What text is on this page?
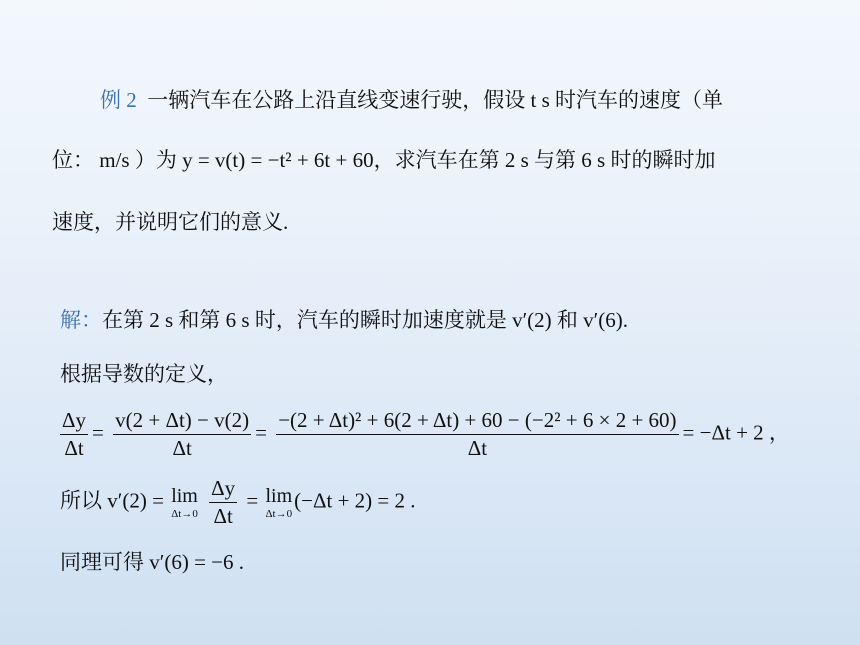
例 2 一辆汽车在公路上沿直线变速行驶，假设 t s 时汽车的速度（单
位： m/s ）为 y = v(t) = −t² + 6t + 60，求汽车在第 2 s 与第 6 s 时的瞬时加
速度，并说明它们的意义.
解：在第 2 s 和第 6 s 时，汽车的瞬时加速度就是 v′(2) 和 v′(6).
根据导数的定义，
$\frac{\Delta y}{\Delta t} = \frac{v(2 + \Delta t) - v(2)}{\Delta t} = \frac{\text{−(2 + Δt)² + 6(2 + Δt) + 60 − (−2² + 6 × 2 + 60)}}{\Delta t} = -\Delta t + 2$ ，
所以 v′(2) = lim
Δt→0
$\frac{\Delta y}{\Delta t} = \lim$
Δt→0
(−Δt + 2) = 2 .
同理可得 v′(6) = −6 .
